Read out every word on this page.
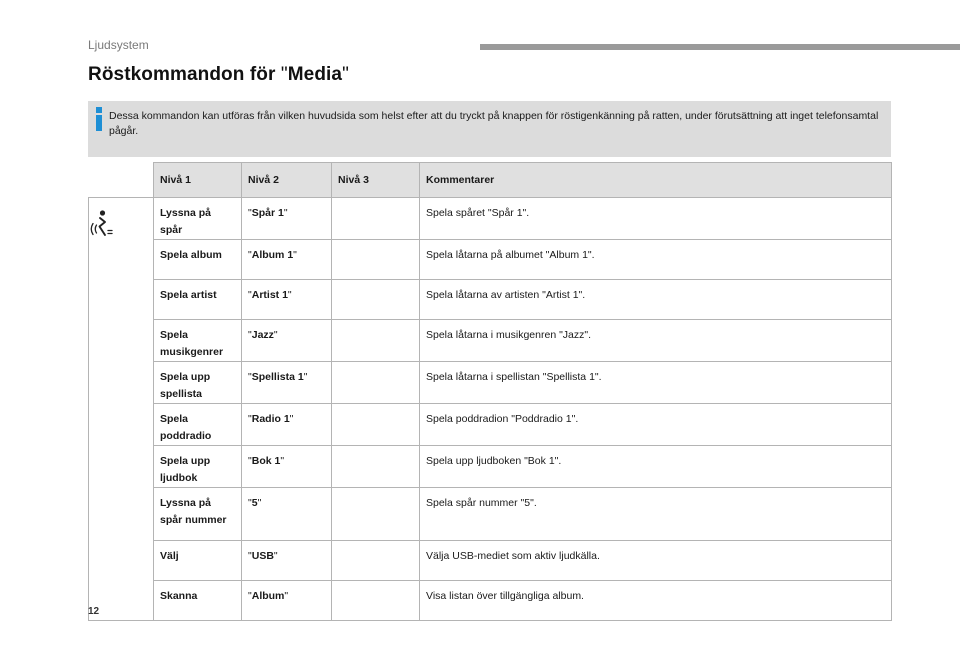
Ljudsystem
Röstkommandon för "Media"

Dessa kommandon kan utföras från vilken huvudsida som helst efter att du tryckt på knappen för röstigenkänning på ratten, under förutsättning att inget telefonsamtal pågår.

	Nivå 1	Nivå 2	Nivå 3	Kommentarer
	Lyssna på spår	"Spår 1"		Spela spåret "Spår 1".
	Spela album	"Album 1"		Spela låtarna på albumet "Album 1".
	Spela artist	"Artist 1"		Spela låtarna av artisten "Artist 1".
	Spela musikgenrer	"Jazz"		Spela låtarna i musikgenren "Jazz".
	Spela upp spellista	"Spellista 1"		Spela låtarna i spellistan "Spellista 1".
	Spela poddradio	"Radio 1"		Spela poddradion "Poddradio 1".
	Spela upp ljudbok	"Bok 1"		Spela upp ljudboken "Bok 1".
	Lyssna på spår nummer	"5"		Spela spår nummer "5".
	Välj	"USB"		Välja USB-mediet som aktiv ljudkälla.
	Skanna	"Album"		Visa listan över tillgängliga album.
12
